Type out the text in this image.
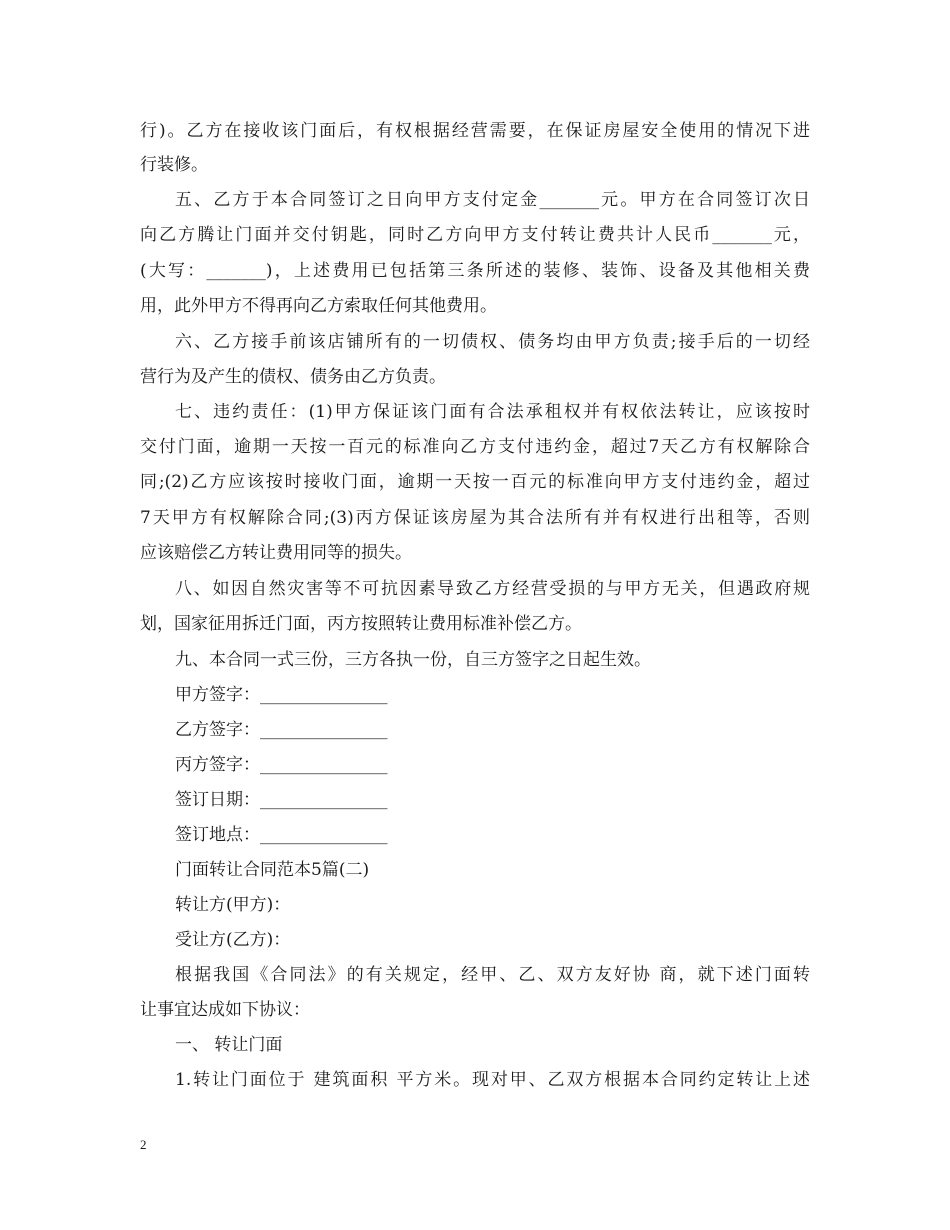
行)。乙方在接收该门面后，有权根据经营需要，在保证房屋安全使用的情况下进
行装修。
五、乙方于本合同签订之日向甲方支付定金_______元。甲方在合同签订次日
向乙方腾让门面并交付钥匙，同时乙方向甲方支付转让费共计人民币_______元，
(大写：_______)，上述费用已包括第三条所述的装修、装饰、设备及其他相关费
用，此外甲方不得再向乙方索取任何其他费用。
六、乙方接手前该店铺所有的一切债权、债务均由甲方负责;接手后的一切经
营行为及产生的债权、债务由乙方负责。
七、违约责任：(1)甲方保证该门面有合法承租权并有权依法转让，应该按时
交付门面，逾期一天按一百元的标准向乙方支付违约金，超过7天乙方有权解除合
同;(2)乙方应该按时接收门面，逾期一天按一百元的标准向甲方支付违约金，超过
7天甲方有权解除合同;(3)丙方保证该房屋为其合法所有并有权进行出租等，否则
应该赔偿乙方转让费用同等的损失。
八、如因自然灾害等不可抗因素导致乙方经营受损的与甲方无关，但遇政府规
划，国家征用拆迁门面，丙方按照转让费用标准补偿乙方。
九、本合同一式三份，三方各执一份，自三方签字之日起生效。
甲方签字：_______________
乙方签字：_______________
丙方签字：_______________
签订日期：_______________
签订地点：_______________
门面转让合同范本5篇(二)
转让方(甲方)：
受让方(乙方)：
根据我国《合同法》的有关规定，经甲、乙、双方友好协 商，就下述门面转
让事宜达成如下协议：
一、 转让门面
1.转让门面位于 建筑面积 平方米。现对甲、乙双方根据本合同约定转让上述
2
